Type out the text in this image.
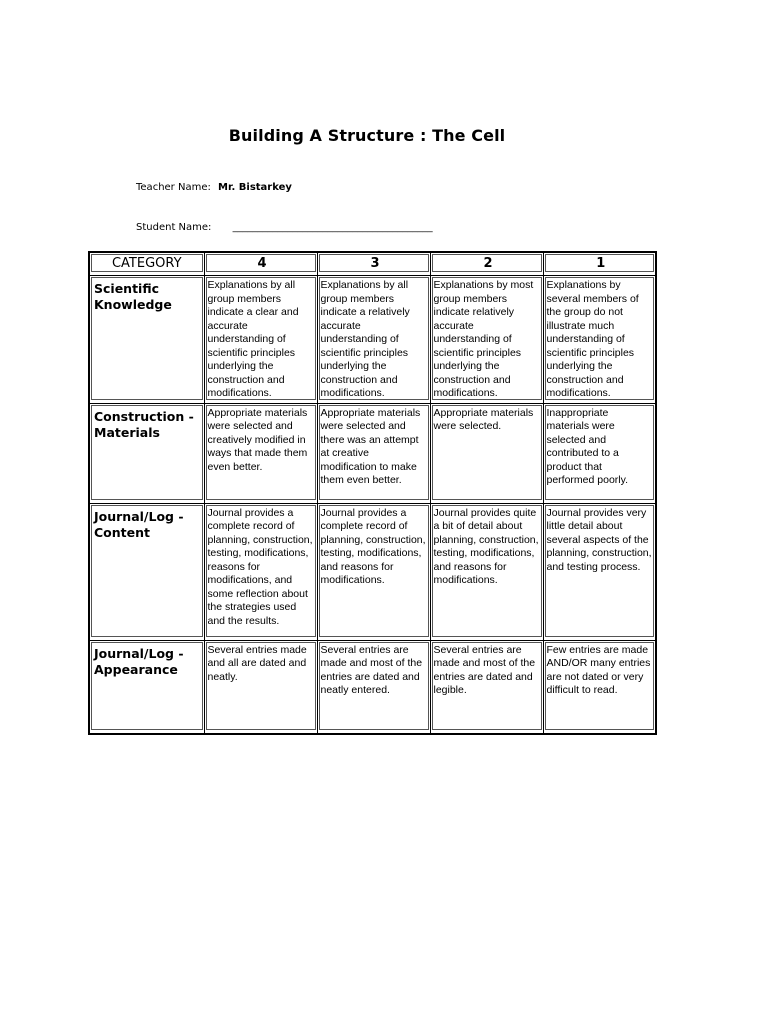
Building A Structure : The Cell
Teacher Name: Mr. Bistarkey
Student Name: ________________________________________
CATEGORY	4	3	2	1

Scientific Knowledge	Explanations by all group members indicate a clear and accurate understanding of scientific principles underlying the construction and modifications.	Explanations by all group members indicate a relatively accurate understanding of scientific principles underlying the construction and modifications.	Explanations by most group members indicate relatively accurate understanding of scientific principles underlying the construction and modifications.	Explanations by several members of the group do not illustrate much understanding of scientific principles underlying the construction and modifications.

Construction -Materials	Appropriate materials were selected and creatively modified in ways that made them even better.	Appropriate materials were selected and there was an attempt at creative modification to make them even better.	Appropriate materials were selected.	Inappropriate materials were selected and contributed to a product that performed poorly.

Journal/Log - Content	Journal provides a complete record of planning, construction, testing, modifications, reasons for modifications, and some reflection about the strategies used and the results.	Journal provides a complete record of planning, construction, testing, modifications, and reasons for modifications.	Journal provides quite a bit of detail about planning, construction, testing, modifications, and reasons for modifications.	Journal provides very little detail about several aspects of the planning, construction, and testing process.

Journal/Log - Appearance	Several entries made and all are dated and neatly.	Several entries are made and most of the entries are dated and neatly entered.	Several entries are made and most of the entries are dated and legible.	Few entries are made AND/OR many entries are not dated or very difficult to read.
